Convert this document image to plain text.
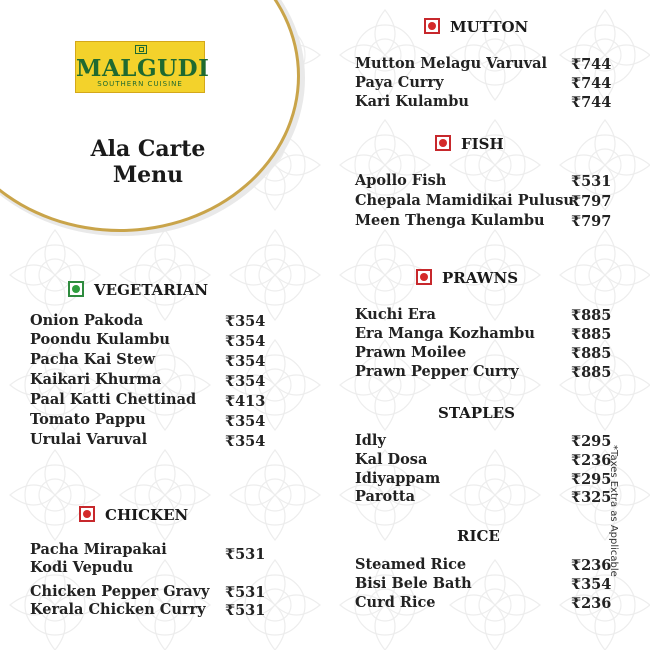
MALGUDI
SOUTHERN CUISINE
Ala Carte
Menu
VEGETARIAN
Onion Pakoda	₹354
Poondu Kulambu	₹354
Pacha Kai Stew	₹354
Kaikari Khurma	₹354
Paal Katti Chettinad ₹413
Tomato Pappu	₹354
Urulai Varuval	₹354
CHICKEN
Pacha Mirapakai
Kodi Vepudu
₹531
Chicken Pepper Gravy ₹531
Kerala Chicken Curry ₹531
MUTTON
Mutton Melagu Varuval ₹744
Paya Curry	₹744
Kari Kulambu	₹744
FISH
Apollo Fish	₹531
Chepala Mamidikai Pulusu
₹797
Meen Thenga Kulambu ₹797
PRAWNS
Kuchi Era	₹885
Era Manga Kozhambu ₹885
Prawn Moilee	₹885
Prawn Pepper Curry	₹885
STAPLES
Idly	₹295
Kal Dosa	₹236
Idiyappam	₹295
Parotta	₹325
RICE
Steamed Rice	₹236
Bisi Bele Bath	₹354
Curd Rice	₹236
*Taxes Extra as Applicable
